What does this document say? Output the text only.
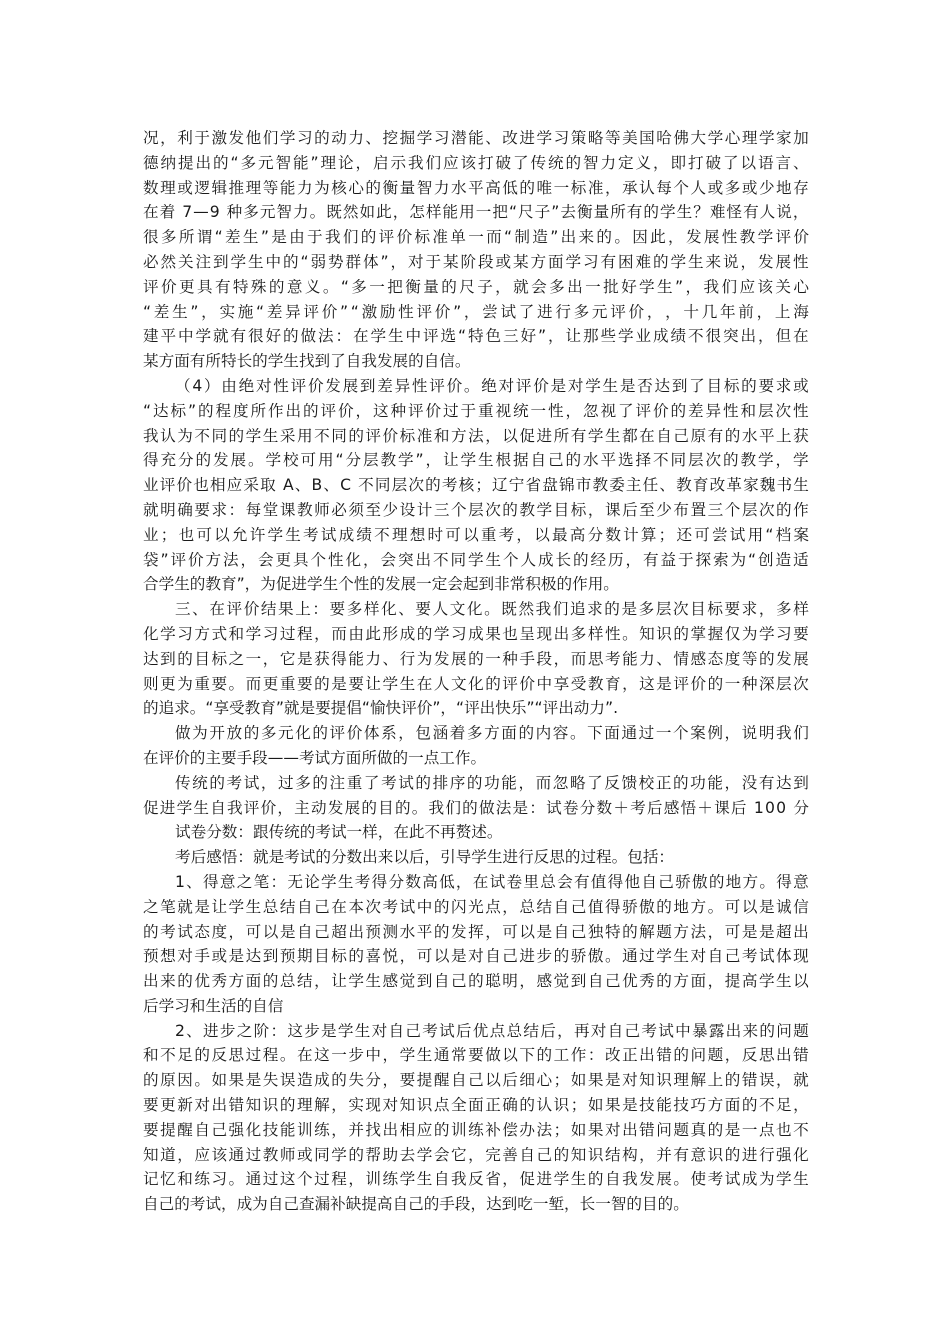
况 ， 利 于 激 发 他 们 学 习 的 动 力 、 挖 掘 学 习 潜 能 、 改 进 学 习 策 略 等 美 国 哈 佛 大 学 心 理 学 家 加
德 纳 提 出 的 “ 多 元 智 能 ” 理 论 ， 启 示 我 们 应 该 打 破 了 传 统 的 智 力 定 义 ， 即 打 破 了 以 语 言 、
数 理 或 逻 辑 推 理 等 能 力 为 核 心 的 衡 量 智 力 水 平 高 低 的 唯 一 标 准 ， 承 认 每 个 人 或 多 或 少 地 存
在 着
7 — 9
种 多 元 智 力 。 既 然 如 此 ， 怎 样 能 用 一 把 “ 尺 子 ” 去 衡 量 所 有 的 学 生 ？ 难 怪 有 人 说 ，
很 多 所 谓 “ 差 生 ” 是 由 于 我 们 的 评 价 标 准 单 一 而 “ 制 造 ” 出 来 的 。 因 此 ， 发 展 性 教 学 评 价
必 然 关 注 到 学 生 中 的 “ 弱 势 群 体 ” ， 对 于 某 阶 段 或 某 方 面 学 习 有 困 难 的 学 生 来 说 ， 发 展 性
评 价 更 具 有 特 殊 的 意 义 。 “ 多 一 把 衡 量 的 尺 子 ， 就 会 多 出 一 批 好 学 生 ” ， 我 们 应 该 关 心
“ 差 生 ” ， 实 施 “ 差 异 评 价 ” “ 激 励 性 评 价 ” ， 尝 试 了 进 行 多 元 评 价 ， ， 十 几 年 前 ， 上 海
建 平 中 学 就 有 很 好 的 做 法 ： 在 学 生 中 评 选 “ 特 色 三 好 ” ， 让 那 些 学 业 成 绩 不 很 突 出 ， 但 在
某方面有所特长的学生找到了自我发展的自信。
（ 4 ） 由 绝 对 性 评 价 发 展 到 差 异 性 评 价 。 绝 对 评 价 是 对 学 生 是 否 达 到 了 目 标 的 要 求 或
“ 达 标 ” 的 程 度 所 作 出 的 评 价 ， 这 种 评 价 过 于 重 视 统 一 性 ， 忽 视 了 评 价 的 差 异 性 和 层 次 性
我 认 为 不 同 的 学 生 采 用 不 同 的 评 价 标 准 和 方 法 ， 以 促 进 所 有 学 生 都 在 自 己 原 有 的 水 平 上 获
得 充 分 的 发 展 。 学 校 可 用 “ 分 层 教 学 ” ， 让 学 生 根 据 自 己 的 水 平 选 择 不 同 层 次 的 教 学 ， 学
业 评 价 也 相 应 采 取
A 、 B 、 C
不 同 层 次 的 考 核 ； 辽 宁 省 盘 锦 市 教 委 主 任 、 教 育 改 革 家 魏 书 生
就 明 确 要 求 ： 每 堂 课 教 师 必 须 至 少 设 计 三 个 层 次 的 教 学 目 标 ， 课 后 至 少 布 置 三 个 层 次 的 作
业 ； 也 可 以 允 许 学 生 考 试 成 绩 不 理 想 时 可 以 重 考 ， 以 最 高 分 数 计 算 ； 还 可 尝 试 用 “ 档 案
袋 ” 评 价 方 法 ， 会 更 具 个 性 化 ， 会 突 出 不 同 学 生 个 人 成 长 的 经 历 ， 有 益 于 探 索 为 “ 创 造 适
合学生的教育”，为促进学生个性的发展一定会起到非常积极的作用。
三 、 在 评 价 结 果 上 ： 要 多 样 化 、 要 人 文 化 。 既 然 我 们 追 求 的 是 多 层 次 目 标 要 求 ， 多 样
化 学 习 方 式 和 学 习 过 程 ， 而 由 此 形 成 的 学 习 成 果 也 呈 现 出 多 样 性 。 知 识 的 掌 握 仅 为 学 习 要
达 到 的 目 标 之 一 ， 它 是 获 得 能 力 、 行 为 发 展 的 一 种 手 段 ， 而 思 考 能 力 、 情 感 态 度 等 的 发 展
则 更 为 重 要 。 而 更 重 要 的 是 要 让 学 生 在 人 文 化 的 评 价 中 享 受 教 育 ， 这 是 评 价 的 一 种 深 层 次
的追求。“享受教育”就是要提倡“愉快评价”，“评出快乐”“评出动力”.
做 为 开 放 的 多 元 化 的 评 价 体 系 ， 包 涵 着 多 方 面 的 内 容 。 下 面 通 过 一 个 案 例 ， 说 明 我 们
在评价的主要手段——考试方面所做的一点工作。
传 统 的 考 试 ， 过 多 的 注 重 了 考 试 的 排 序 的 功 能 ， 而 忽 略 了 反 馈 校 正 的 功 能 ， 没 有 达 到
促 进 学 生 自 我 评 价 ， 主 动 发 展 的 目 的 。 我 们 的 做 法 是 ： 试 卷 分 数 ＋ 考 后 感 悟 ＋ 课 后
1 0 0
分
试卷分数：跟传统的考试一样，在此不再赘述。
考后感悟：就是考试的分数出来以后，引导学生进行反思的过程。包括：
1 、 得 意 之 笔 ： 无 论 学 生 考 得 分 数 高 低 ， 在 试 卷 里 总 会 有 值 得 他 自 己 骄 傲 的 地 方 。 得 意
之 笔 就 是 让 学 生 总 结 自 己 在 本 次 考 试 中 的 闪 光 点 ， 总 结 自 己 值 得 骄 傲 的 地 方 。 可 以 是 诚 信
的 考 试 态 度 ， 可 以 是 自 己 超 出 预 测 水 平 的 发 挥 ， 可 以 是 自 己 独 特 的 解 题 方 法 ， 可 是 是 超 出
预 想 对 手 或 是 达 到 预 期 目 标 的 喜 悦 ， 可 以 是 对 自 己 进 步 的 骄 傲 。 通 过 学 生 对 自 己 考 试 体 现
出 来 的 优 秀 方 面 的 总 结 ， 让 学 生 感 觉 到 自 己 的 聪 明 ， 感 觉 到 自 己 优 秀 的 方 面 ， 提 高 学 生 以
后学习和生活的自信
2 、 进 步 之 阶 ： 这 步 是 学 生 对 自 己 考 试 后 优 点 总 结 后 ， 再 对 自 己 考 试 中 暴 露 出 来 的 问 题
和 不 足 的 反 思 过 程 。 在 这 一 步 中 ， 学 生 通 常 要 做 以 下 的 工 作 ： 改 正 出 错 的 问 题 ， 反 思 出 错
的 原 因 。 如 果 是 失 误 造 成 的 失 分 ， 要 提 醒 自 己 以 后 细 心 ； 如 果 是 对 知 识 理 解 上 的 错 误 ， 就
要 更 新 对 出 错 知 识 的 理 解 ， 实 现 对 知 识 点 全 面 正 确 的 认 识 ； 如 果 是 技 能 技 巧 方 面 的 不 足 ，
要 提 醒 自 己 强 化 技 能 训 练 ， 并 找 出 相 应 的 训 练 补 偿 办 法 ； 如 果 对 出 错 问 题 真 的 是 一 点 也 不
知 道 ， 应 该 通 过 教 师 或 同 学 的 帮 助 去 学 会 它 ， 完 善 自 己 的 知 识 结 构 ， 并 有 意 识 的 进 行 强 化
记 忆 和 练 习 。 通 过 这 个 过 程 ， 训 练 学 生 自 我 反 省 ， 促 进 学 生 的 自 我 发 展 。 使 考 试 成 为 学 生
自己的考试，成为自己查漏补缺提高自己的手段，达到吃一堑，长一智的目的。
